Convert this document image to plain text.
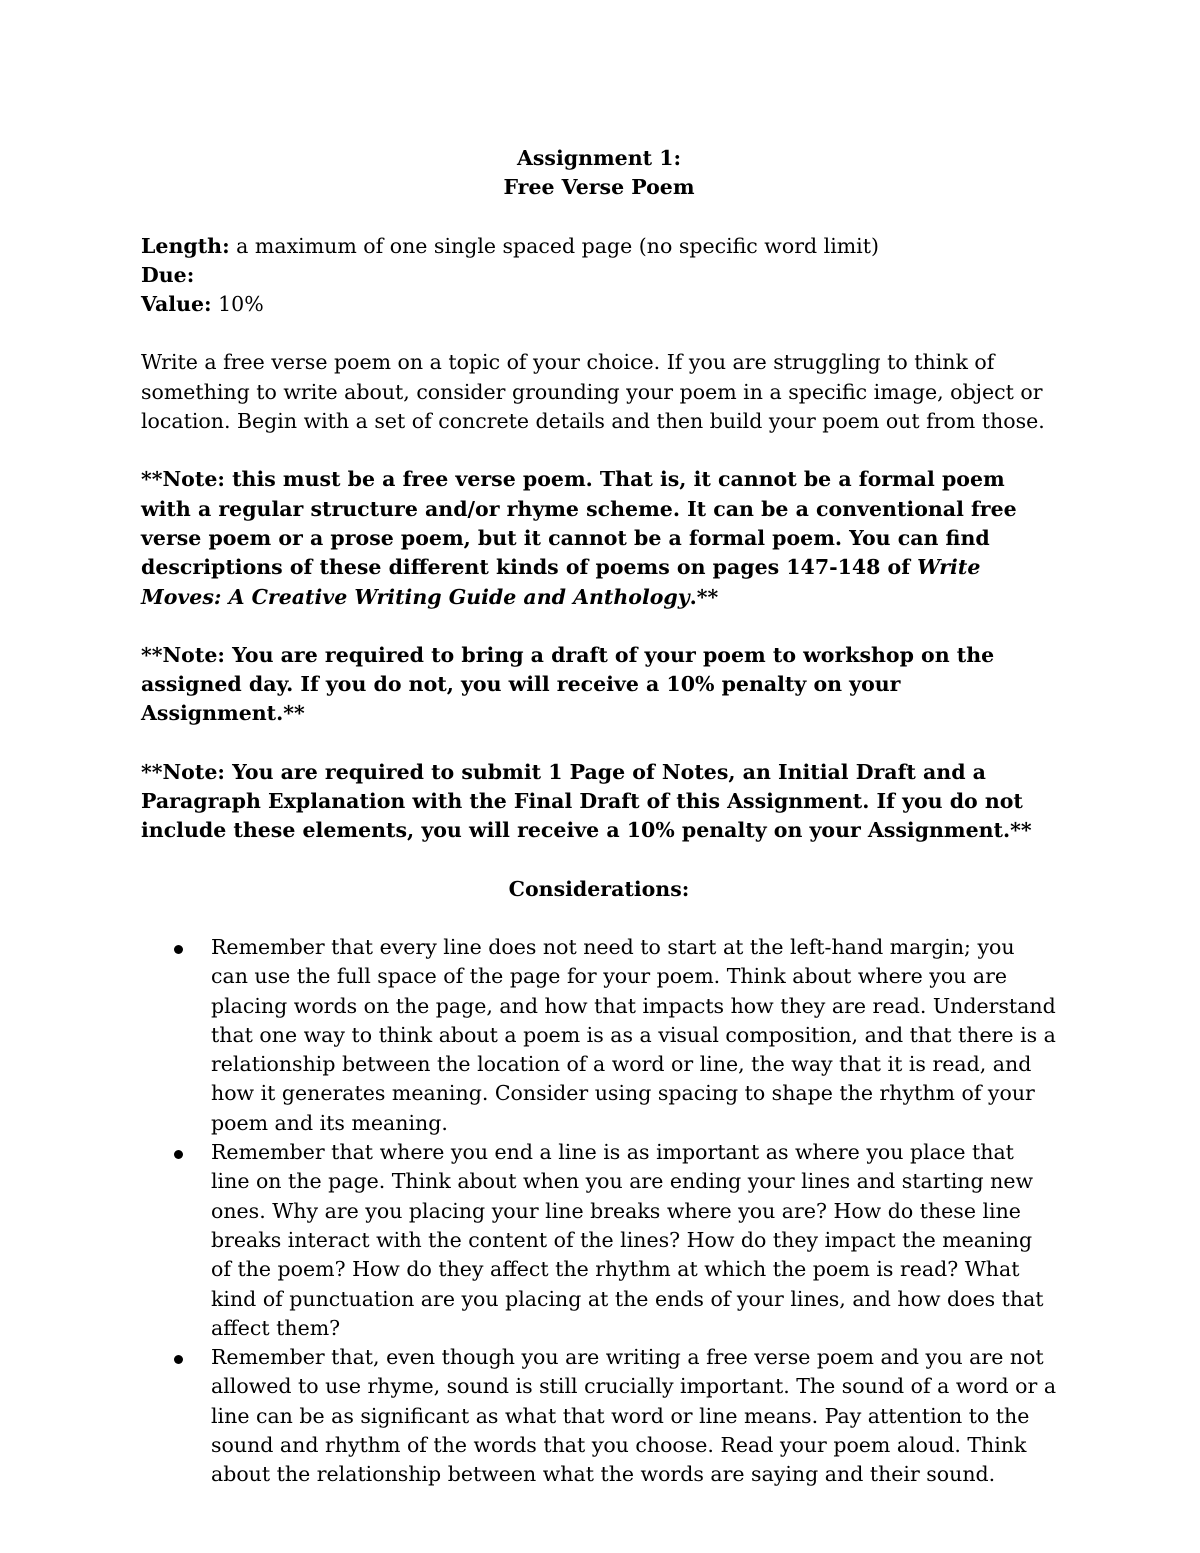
Assignment 1:
Free Verse Poem
Length: a maximum of one single spaced page (no specific word limit)
Due:
Value: 10%

Write a free verse poem on a topic of your choice. If you are struggling to think of something to write about, consider grounding your poem in a specific image, object or location. Begin with a set of concrete details and then build your poem out from those.

**Note: this must be a free verse poem. That is, it cannot be a formal poem with a regular structure and/or rhyme scheme. It can be a conventional free verse poem or a prose poem, but it cannot be a formal poem. You can find descriptions of these different kinds of poems on pages 147-148 of Write Moves: A Creative Writing Guide and Anthology.**

**Note: You are required to bring a draft of your poem to workshop on the assigned day. If you do not, you will receive a 10% penalty on your Assignment.**

**Note: You are required to submit 1 Page of Notes, an Initial Draft and a Paragraph Explanation with the Final Draft of this Assignment. If you do not include these elements, you will receive a 10% penalty on your Assignment.**

Considerations:
Remember that every line does not need to start at the left-hand margin; you can use the full space of the page for your poem. Think about where you are placing words on the page, and how that impacts how they are read. Understand that one way to think about a poem is as a visual composition, and that there is a relationship between the location of a word or line, the way that it is read, and how it generates meaning. Consider using spacing to shape the rhythm of your poem and its meaning.
Remember that where you end a line is as important as where you place that line on the page. Think about when you are ending your lines and starting new ones. Why are you placing your line breaks where you are? How do these line breaks interact with the content of the lines? How do they impact the meaning of the poem? How do they affect the rhythm at which the poem is read? What kind of punctuation are you placing at the ends of your lines, and how does that affect them?
Remember that, even though you are writing a free verse poem and you are not allowed to use rhyme, sound is still crucially important. The sound of a word or a line can be as significant as what that word or line means. Pay attention to the sound and rhythm of the words that you choose. Read your poem aloud. Think about the relationship between what the words are saying and their sound.
